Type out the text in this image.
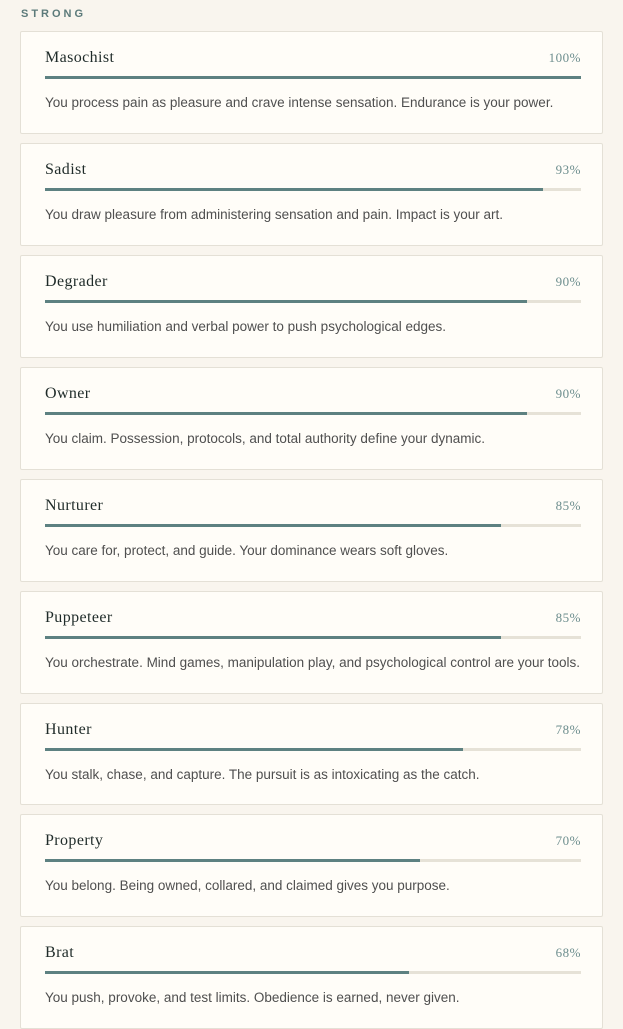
STRONG
Masochist	100%

You process pain as pleasure and crave intense sensation. Endurance is your power.

Sadist	93%

You draw pleasure from administering sensation and pain. Impact is your art.

Degrader	90%

You use humiliation and verbal power to push psychological edges.

Owner	90%

You claim. Possession, protocols, and total authority define your dynamic.

Nurturer	85%

You care for, protect, and guide. Your dominance wears soft gloves.

Puppeteer	85%

You orchestrate. Mind games, manipulation play, and psychological control are your tools.

Hunter	78%

You stalk, chase, and capture. The pursuit is as intoxicating as the catch.

Property	70%

You belong. Being owned, collared, and claimed gives you purpose.

Brat	68%

You push, provoke, and test limits. Obedience is earned, never given.
